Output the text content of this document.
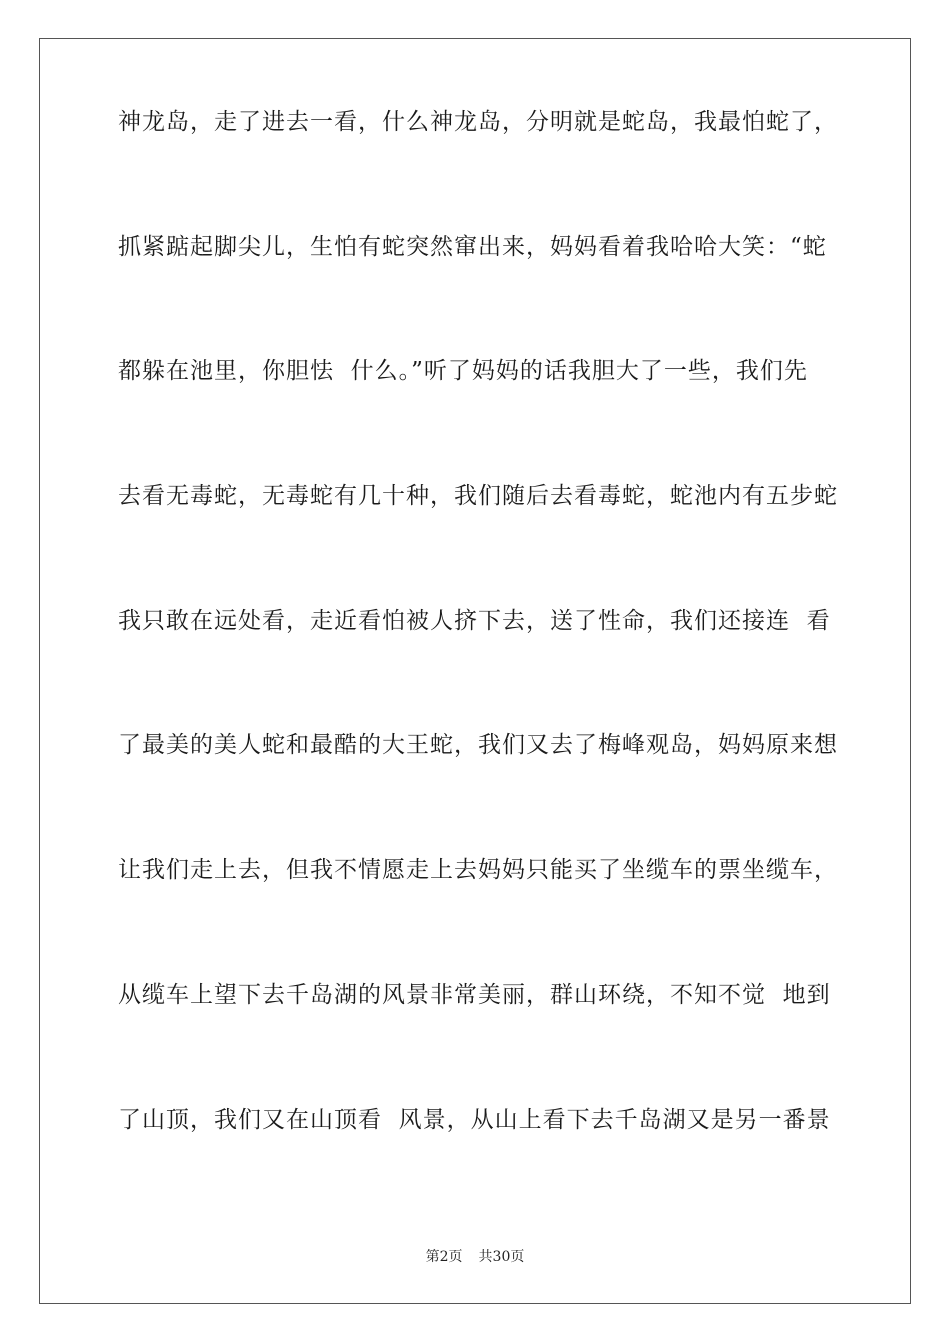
神龙岛，走了进去一看，什么神龙岛，分明就是蛇岛，我最怕蛇了，
抓紧踮起脚尖儿，生怕有蛇突然窜出来，妈妈看着我哈哈大笑：“蛇
都躲在池里，你胆怯  什么。”听了妈妈的话我胆大了一些，我们先
去看无毒蛇，无毒蛇有几十种，我们随后去看毒蛇，蛇池内有五步蛇
我只敢在远处看，走近看怕被人挤下去，送了性命，我们还接连  看
了最美的美人蛇和最酷的大王蛇，我们又去了梅峰观岛，妈妈原来想
让我们走上去，但我不情愿走上去妈妈只能买了坐缆车的票坐缆车，
从缆车上望下去千岛湖的风景非常美丽，群山环绕，不知不觉  地到
了山顶，我们又在山顶看  风景，从山上看下去千岛湖又是另一番景
第2页 共30页
